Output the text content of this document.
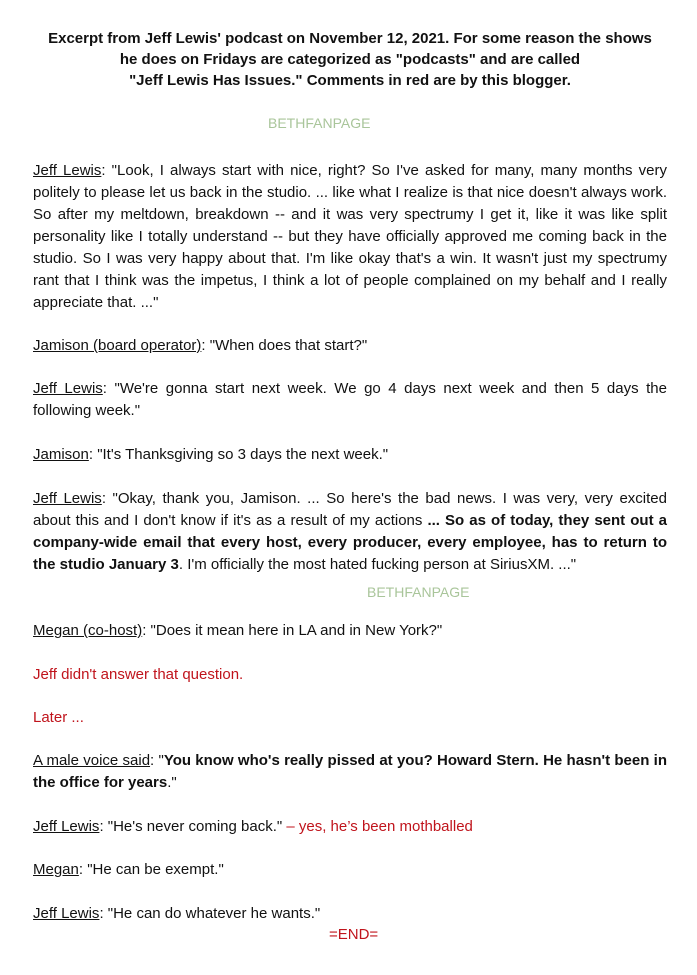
Excerpt from Jeff Lewis' podcast on November 12, 2021. For some reason the shows
he does on Fridays are categorized as "podcasts" and are called
"Jeff Lewis Has Issues." Comments in red are by this blogger.

BETHFANPAGE

Jeff Lewis: "Look, I always start with nice, right? So I've asked for many, many months very politely to please let us back in the studio. ... like what I realize is that nice doesn't always work. So after my meltdown, breakdown -- and it was very spectrumy I get it, like it was like split personality like I totally understand -- but they have officially approved me coming back in the studio. So I was very happy about that. I'm like okay that's a win. It wasn't just my spectrumy rant that I think was the impetus, I think a lot of people complained on my behalf and I really appreciate that. ..."

Jamison (board operator): "When does that start?"

Jeff Lewis: "We're gonna start next week. We go 4 days next week and then 5 days the following week."

Jamison: "It's Thanksgiving so 3 days the next week."

Jeff Lewis: "Okay, thank you, Jamison. ... So here's the bad news. I was very, very excited about this and I don't know if it's as a result of my actions ... So as of today, they sent out a company-wide email that every host, every producer, every employee, has to return to the studio January 3. I'm officially the most hated fucking person at SiriusXM. ..."

Megan (co-host): "Does it mean here in LA and in New York?"

Jeff didn't answer that question.

Later ...

A male voice said: "You know who's really pissed at you? Howard Stern. He hasn't been in the office for years."

Jeff Lewis: "He's never coming back." – yes, he’s been mothballed

Megan: "He can be exempt."

Jeff Lewis: "He can do whatever he wants."

BETHFANPAGE
=END=
